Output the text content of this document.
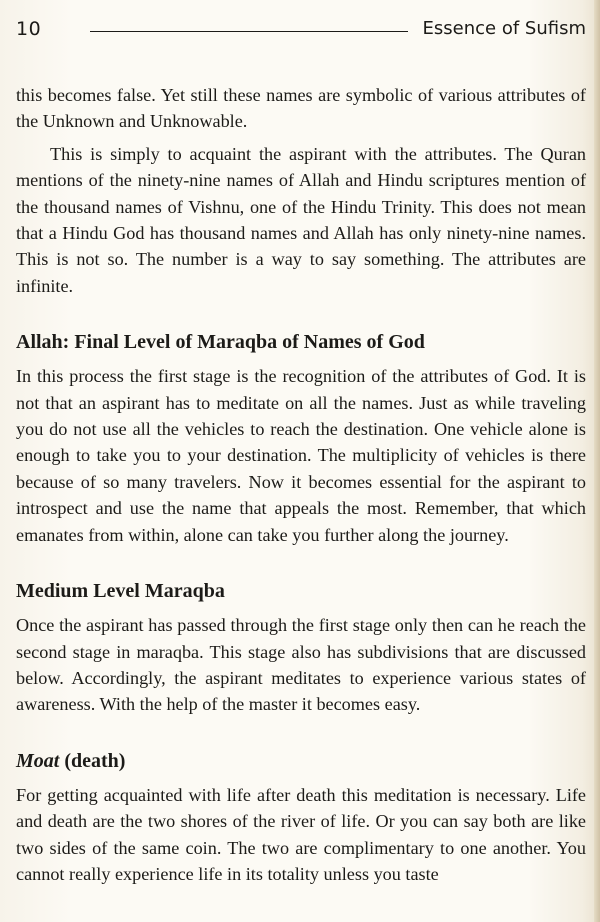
10	Essence of Sufism

this becomes false. Yet still these names are symbolic of various attributes of the Unknown and Unknowable.

This is simply to acquaint the aspirant with the attributes. The Quran mentions of the ninety-nine names of Allah and Hindu scriptures mention of the thousand names of Vishnu, one of the Hindu Trinity. This does not mean that a Hindu God has thousand names and Allah has only ninety-nine names. This is not so. The number is a way to say something. The attributes are infinite.

Allah: Final Level of Maraqba of Names of God

In this process the first stage is the recognition of the attributes of God. It is not that an aspirant has to meditate on all the names. Just as while traveling you do not use all the vehicles to reach the destination. One vehicle alone is enough to take you to your destination. The multiplicity of vehicles is there because of so many travelers. Now it becomes essential for the aspirant to introspect and use the name that appeals the most. Remember, that which emanates from within, alone can take you further along the journey.

Medium Level Maraqba

Once the aspirant has passed through the first stage only then can he reach the second stage in maraqba. This stage also has subdivisions that are discussed below. Accordingly, the aspirant meditates to experience various states of awareness. With the help of the master it becomes easy.

Moat (death)

For getting acquainted with life after death this meditation is necessary. Life and death are the two shores of the river of life. Or you can say both are like two sides of the same coin. The two are complimentary to one another. You cannot really experience life in its totality unless you taste
